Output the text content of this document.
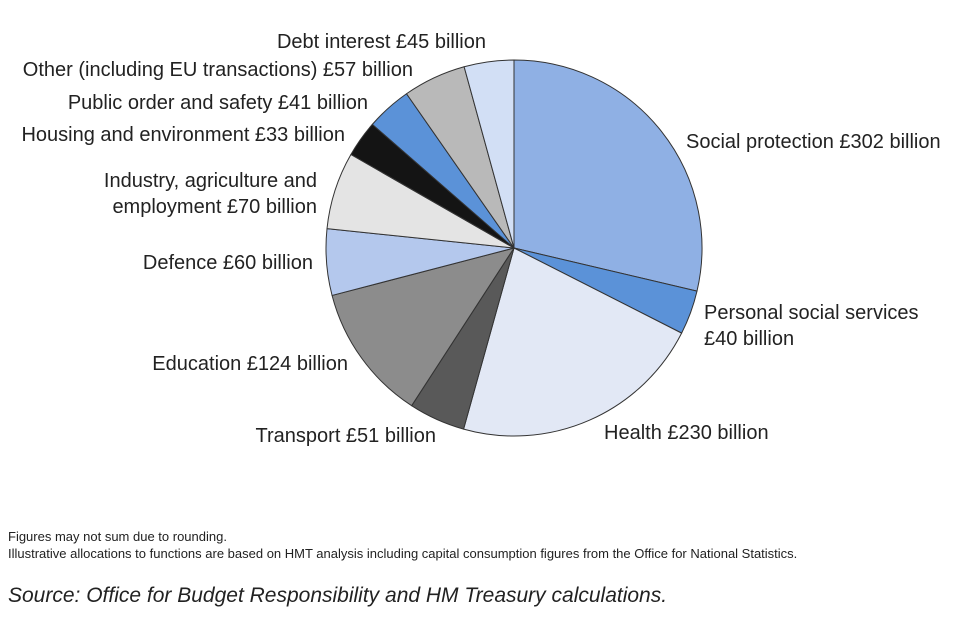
Social protection £302 billion
Personal social services £40 billion
Health £230 billion
Transport £51 billion
Education £124 billion
Defence £60 billion
Industry, agriculture and employment £70 billion
Housing and environment £33 billion
Public order and safety £41 billion
Other (including EU transactions) £57 billion
Debt interest £45 billion
Figures may not sum due to rounding.
Illustrative allocations to functions are based on HMT analysis including capital consumption figures from the Office for National Statistics.
Source: Office for Budget Responsibility and HM Treasury calculations.
